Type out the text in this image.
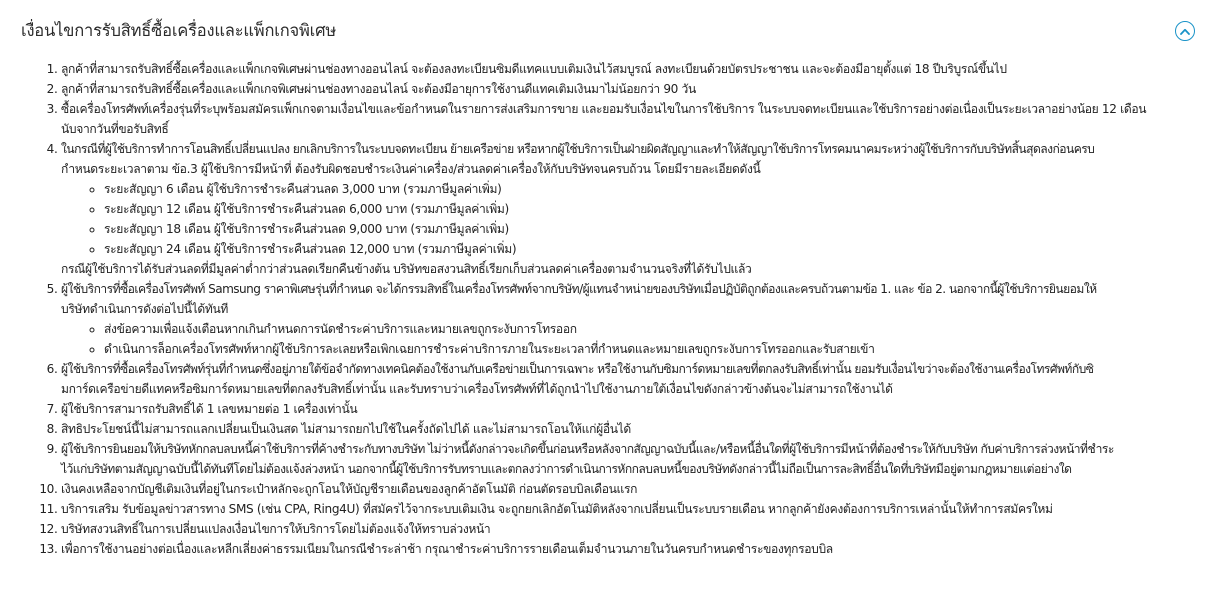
เงื่อนไขการรับสิทธิ์ซื้อเครื่องและแพ็กเกจพิเศษ
1. ลูกค้าที่สามารถรับสิทธิ์ซื้อเครื่องและแพ็กเกจพิเศษผ่านช่องทางออนไลน์ จะต้องลงทะเบียนซิมดีแทคแบบเติมเงินไว้สมบูรณ์ ลงทะเบียนด้วยบัตรประชาชน และจะต้องมีอายุตั้งแต่ 18 ปีบริบูรณ์ขึ้นไป
2. ลูกค้าที่สามารถรับสิทธิ์ซื้อเครื่องและแพ็กเกจพิเศษผ่านช่องทางออนไลน์ จะต้องมีอายุการใช้งานดีแทคเติมเงินมาไม่น้อยกว่า 90 วัน
3. ซื้อเครื่องโทรศัพท์เครื่องรุ่นที่ระบุพร้อมสมัครแพ็กเกจตามเงื่อนไขและข้อกำหนดในรายการส่งเสริมการขาย และยอมรับเงื่อนไขในการใช้บริการ ในระบบจดทะเบียนและใช้บริการอย่างต่อเนื่องเป็นระยะเวลาอย่างน้อย 12 เดือน
นับจากวันที่ขอรับสิทธิ์
4. ในกรณีที่ผู้ใช้บริการทำการโอนสิทธิ์เปลี่ยนแปลง ยกเลิกบริการในระบบจดทะเบียน ย้ายเครือข่าย หรือหากผู้ใช้บริการเป็นฝ่ายผิดสัญญาและทำให้สัญญาใช้บริการโทรคมนาคมระหว่างผู้ใช้บริการกับบริษัทสิ้นสุดลงก่อนครบ
กำหนดระยะเวลาตาม ข้อ.3 ผู้ใช้บริการมีหน้าที่ ต้องรับผิดชอบชำระเงินค่าเครื่อง/ส่วนลดค่าเครื่องให้กับบริษัทจนครบถ้วน โดยมีรายละเอียดดังนี้
◦ ระยะสัญญา 6 เดือน ผู้ใช้บริการชำระคืนส่วนลด 3,000 บาท (รวมภาษีมูลค่าเพิ่ม)
◦ ระยะสัญญา 12 เดือน ผู้ใช้บริการชำระคืนส่วนลด 6,000 บาท (รวมภาษีมูลค่าเพิ่ม)
◦ ระยะสัญญา 18 เดือน ผู้ใช้บริการชำระคืนส่วนลด 9,000 บาท (รวมภาษีมูลค่าเพิ่ม)
◦ ระยะสัญญา 24 เดือน ผู้ใช้บริการชำระคืนส่วนลด 12,000 บาท (รวมภาษีมูลค่าเพิ่ม)
กรณีผู้ใช้บริการได้รับส่วนลดที่มีมูลค่าต่ำกว่าส่วนลดเรียกคืนข้างต้น บริษัทขอสงวนสิทธิ์เรียกเก็บส่วนลดค่าเครื่องตามจำนวนจริงที่ได้รับไปแล้ว
5. ผู้ใช้บริการที่ซื้อเครื่องโทรศัพท์ Samsung ราคาพิเศษรุ่นที่กำหนด จะได้กรรมสิทธิ์ในเครื่องโทรศัพท์จากบริษัท/ผู้แทนจำหน่ายของบริษัทเมื่อปฏิบัติถูกต้องและครบถ้วนตามข้อ 1. และ ข้อ 2. นอกจากนี้ผู้ใช้บริการยินยอมให้
บริษัทดำเนินการดังต่อไปนี้ได้ทันที
◦ ส่งข้อความเพื่อแจ้งเตือนหากเกินกำหนดการนัดชำระค่าบริการและหมายเลขถูกระงับการโทรออก
◦ ดำเนินการล็อกเครื่องโทรศัพท์หากผู้ใช้บริการละเลยหรือเพิกเฉยการชำระค่าบริการภายในระยะเวลาที่กำหนดและหมายเลขถูกระงับการโทรออกและรับสายเข้า
6. ผู้ใช้บริการที่ซื้อเครื่องโทรศัพท์รุ่นที่กำหนดซึ่งอยู่ภายใต้ข้อจำกัดทางเทคนิคต้องใช้งานกับเครือข่ายเป็นการเฉพาะ หรือใช้งานกับซิมการ์ดหมายเลขที่ตกลงรับสิทธิ์เท่านั้น ยอมรับเงื่อนไขว่าจะต้องใช้งานเครื่องโทรศัพท์กับซิ
มการ์ดเครือข่ายดีแทคหรือซิมการ์ดหมายเลขที่ตกลงรับสิทธิ์เท่านั้น และรับทราบว่าเครื่องโทรศัพท์ที่ได้ถูกนำไปใช้งานภายใต้เงื่อนไขดังกล่าวข้างต้นจะไม่สามารถใช้งานได้
7. ผู้ใช้บริการสามารถรับสิทธิ์ได้ 1 เลขหมายต่อ 1 เครื่องเท่านั้น
8. สิทธิประโยชน์นี้ไม่สามารถแลกเปลี่ยนเป็นเงินสด ไม่สามารถยกไปใช้ในครั้งถัดไปได้ และไม่สามารถโอนให้แก่ผู้อื่นได้
9. ผู้ใช้บริการยินยอมให้บริษัทหักกลบลบหนี้ค่าใช้บริการที่ค้างชำระกับทางบริษัท ไม่ว่าหนี้ดังกล่าวจะเกิดขึ้นก่อนหรือหลังจากสัญญาฉบับนี้และ/หรือหนี้อื่นใดที่ผู้ใช้บริการมีหน้าที่ต้องชำระให้กับบริษัท กับค่าบริการล่วงหน้าที่ชำระ
ไว้แก่บริษัทตามสัญญาฉบับนี้ได้ทันทีโดยไม่ต้องแจ้งล่วงหน้า นอกจากนี้ผู้ใช้บริการรับทราบและตกลงว่าการดำเนินการหักกลบลบหนี้ของบริษัทดังกล่าวนี้ไม่ถือเป็นการละสิทธิ์อื่นใดที่บริษัทมีอยู่ตามกฎหมายแต่อย่างใด
10. เงินคงเหลือจากบัญชีเติมเงินที่อยู่ในกระเป๋าหลักจะถูกโอนให้บัญชีรายเดือนของลูกค้าอัตโนมัติ ก่อนตัดรอบบิลเดือนแรก
11. บริการเสริม รับข้อมูลข่าวสารทาง SMS (เช่น CPA, Ring4U) ที่สมัครไว้จากระบบเติมเงิน จะถูกยกเลิกอัตโนมัติหลังจากเปลี่ยนเป็นระบบรายเดือน หากลูกค้ายังคงต้องการบริการเหล่านั้นให้ทำการสมัครใหม่
12. บริษัทสงวนสิทธิ์ในการเปลี่ยนแปลงเงื่อนไขการให้บริการโดยไม่ต้องแจ้งให้ทราบล่วงหน้า
13. เพื่อการใช้งานอย่างต่อเนื่องและหลีกเลี่ยงค่าธรรมเนียมในกรณีชำระล่าช้า กรุณาชำระค่าบริการรายเดือนเต็มจำนวนภายในวันครบกำหนดชำระของทุกรอบบิล
